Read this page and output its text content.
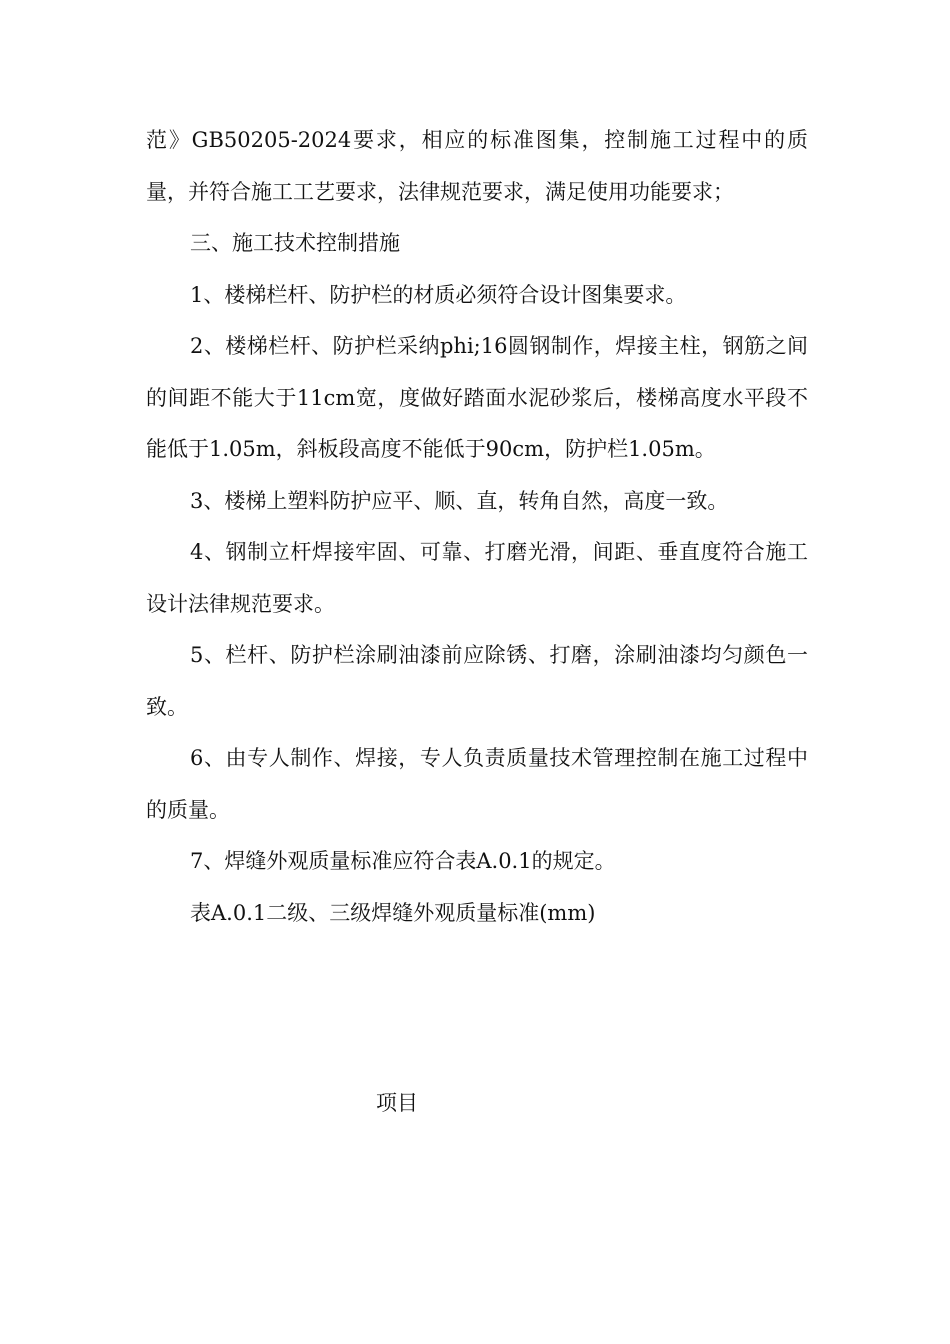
范》GB50205-2024要求，相应的标准图集，控制施工过程中的质量，并符合施工工艺要求，法律规范要求，满足使用功能要求；

三、施工技术控制措施

1、楼梯栏杆、防护栏的材质必须符合设计图集要求。

2、楼梯栏杆、防护栏采纳phi;16圆钢制作，焊接主柱，钢筋之间的间距不能大于11cm宽，度做好踏面水泥砂浆后，楼梯高度水平段不能低于1.05m，斜板段高度不能低于90cm，防护栏1.05m。

3、楼梯上塑料防护应平、顺、直，转角自然，高度一致。

4、钢制立杆焊接牢固、可靠、打磨光滑，间距、垂直度符合施工设计法律规范要求。

5、栏杆、防护栏涂刷油漆前应除锈、打磨，涂刷油漆均匀颜色一致。

6、由专人制作、焊接，专人负责质量技术管理控制在施工过程中的质量。

7、焊缝外观质量标准应符合表A.0.1的规定。

表A.0.1二级、三级焊缝外观质量标准(mm)

项目
